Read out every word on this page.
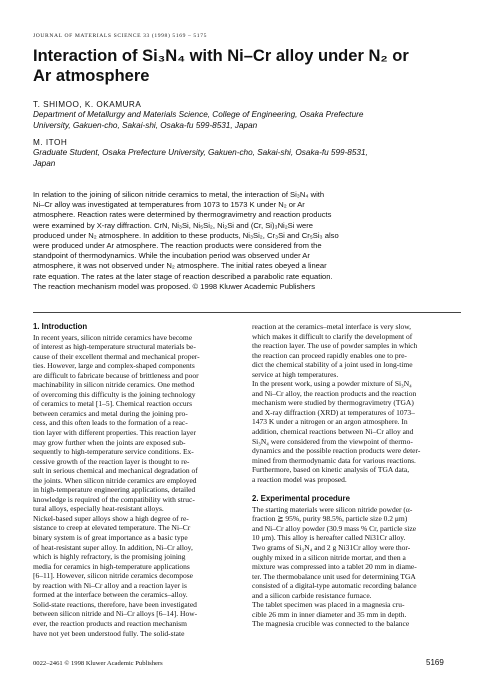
JOURNAL OF MATERIALS SCIENCE 33 (1998) 5169 – 5175
Interaction of Si₃N₄ with Ni–Cr alloy under N₂ or
Ar atmosphere
T. SHIMOO, K. OKAMURA
Department of Metallurgy and Materials Science, College of Engineering, Osaka Prefecture
University, Gakuen-cho, Sakai-shi, Osaka-fu 599-8531, Japan
M. ITOH
Graduate Student, Osaka Prefecture University, Gakuen-cho, Sakai-shi, Osaka-fu 599-8531,
Japan
In relation to the joining of silicon nitride ceramics to metal, the interaction of Si₃N₄ with
Ni–Cr alloy was investigated at temperatures from 1073 to 1573 K under N₂ or Ar
atmosphere. Reaction rates were determined by thermogravimetry and reaction products
were examined by X-ray diffraction. CrN, Ni₃Si, Ni₅Si₂, Ni₂Si and (Cr, Si)₃Ni₂Si were
produced under N₂ atmosphere. In addition to these products, Ni₃Si₂, Cr₃Si and Cr₅Si₃ also
were produced under Ar atmosphere. The reaction products were considered from the
standpoint of thermodynamics. While the incubation period was observed under Ar
atmosphere, it was not observed under N₂ atmosphere. The initial rates obeyed a linear
rate equation. The rates at the later stage of reaction described a parabolic rate equation.
The reaction mechanism model was proposed. © 1998 Kluwer Academic Publishers
1. Introduction
In recent years, silicon nitride ceramics have become
of interest as high-temperature structural materials be-
cause of their excellent thermal and mechanical proper-
ties. However, large and complex-shaped components
are difficult to fabricate because of brittleness and poor
machinability in silicon nitride ceramics. One method
of overcoming this difficulty is the joining technology
of ceramics to metal [1–5]. Chemical reaction occurs
between ceramics and metal during the joining pro-
cess, and this often leads to the formation of a reac-
tion layer with different properties. This reaction layer
may grow further when the joints are exposed sub-
sequently to high-temperature service conditions. Ex-
cessive growth of the reaction layer is thought to re-
sult in serious chemical and mechanical degradation of
the joints. When silicon nitride ceramics are employed
in high-temperature engineering applications, detailed
knowledge is required of the compatibility with struc-
tural alloys, especially heat-resistant alloys.
Nickel-based super alloys show a high degree of re-
sistance to creep at elevated temperature. The Ni–Cr
binary system is of great importance as a basic type
of heat-resistant super alloy. In addition, Ni–Cr alloy,
which is highly refractory, is the promising joining
media for ceramics in high-temperature applications
[6–11]. However, silicon nitride ceramics decompose
by reaction with Ni–Cr alloy and a reaction layer is
formed at the interface between the ceramics–alloy.
Solid-state reactions, therefore, have been investigated
between silicon nitride and Ni–Cr alloys [6–14]. How-
ever, the reaction products and reaction mechanism
have not yet been understood fully. The solid-state
reaction at the ceramics–metal interface is very slow,
which makes it difficult to clarify the development of
the reaction layer. The use of powder samples in which
the reaction can proceed rapidly enables one to pre-
dict the chemical stability of a joint used in long-time
service at high temperatures.
In the present work, using a powder mixture of Si₃N₄
and Ni–Cr alloy, the reaction products and the reaction
mechanism were studied by thermogravimetry (TGA)
and X-ray diffraction (XRD) at temperatures of 1073–
1473 K under a nitrogen or an argon atmosphere. In
addition, chemical reactions between Ni–Cr alloy and
Si₃N₄ were considered from the viewpoint of thermo-
dynamics and the possible reaction products were deter-
mined from thermodynamic data for various reactions.
Furthermore, based on kinetic analysis of TGA data,
a reaction model was proposed.
2. Experimental procedure
The starting materials were silicon nitride powder (α-
fraction ≧ 95%, purity 98.5%, particle size 0.2 μm)
and Ni–Cr alloy powder (30.9 mass % Cr, particle size
10 μm). This alloy is hereafter called Ni31Cr alloy.
Two grams of Si₃N₄ and 2 g Ni31Cr alloy were thor-
oughly mixed in a silicon nitride mortar, and then a
mixture was compressed into a tablet 20 mm in diame-
ter. The thermobalance unit used for determining TGA
consisted of a digital-type automatic recording balance
and a silicon carbide resistance furnace.
The tablet specimen was placed in a magnesia cru-
cible 26 mm in inner diameter and 35 mm in depth.
The magnesia crucible was connected to the balance
0022–2461 © 1998 Kluwer Academic Publishers	5169
